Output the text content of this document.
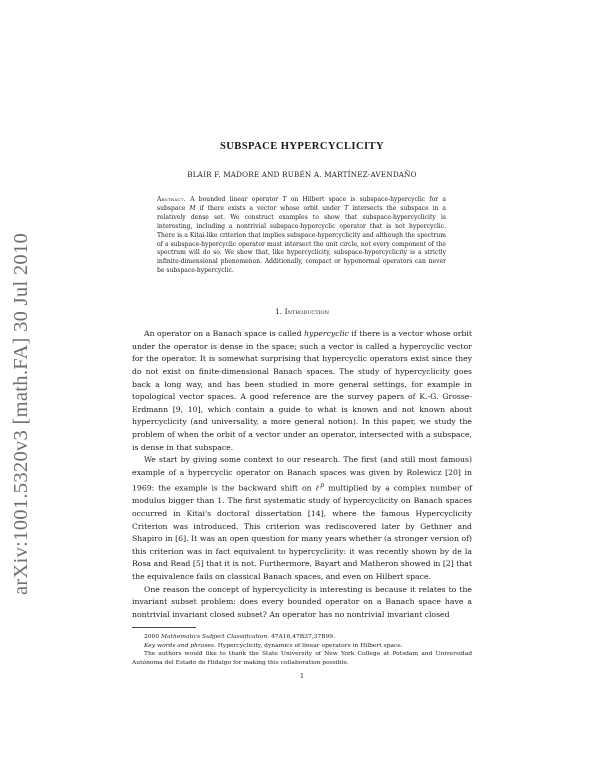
arXiv:1001.5320v3 [math.FA] 30 Jul 2010
SUBSPACE HYPERCYCLICITY
BLAIR F. MADORE AND RUBÉN A. MARTÍNEZ-AVENDAÑO
Abstract. A bounded linear operator T on Hilbert space is subspace-hypercyclic for a subspace M if there exists a vector whose orbit under T intersects the subspace in a relatively dense set. We construct examples to show that subspace-hypercyclicity is interesting, including a nontrivial subspace-hypercyclic operator that is not hypercyclic. There is a Kitai-like criterion that implies subspace-hypercyclicity and although the spectrum of a subspace-hypercyclic operator must intersect the unit circle, not every component of the spectrum will do so. We show that, like hypercyclicity, subspace-hypercyclicity is a strictly infinite-dimensional phenomenon. Additionally, compact or hyponormal operators can never be subspace-hypercyclic.
1. Introduction

An operator on a Banach space is called hypercyclic if there is a vector whose orbit under the operator is dense in the space; such a vector is called a hypercyclic vector for the operator. It is somewhat surprising that hypercyclic operators exist since they do not exist on finite-dimensional Banach spaces. The study of hypercyclicity goes back a long way, and has been studied in more general settings, for example in topological vector spaces. A good reference are the survey papers of K.-G. Grosse-Erdmann [9, 10], which contain a guide to what is known and not known about hypercyclicity (and universality, a more general notion). In this paper, we study the problem of when the orbit of a vector under an operator, intersected with a subspace, is dense in that subspace.

We start by giving some context to our research. The first (and still most famous) example of a hypercyclic operator on Banach spaces was given by Rolewicz [20] in 1969: the example is the backward shift on ℓ$^p$ multiplied by a complex number of modulus bigger than 1. The first systematic study of hypercyclicity on Banach spaces occurred in Kitai's doctoral dissertation [14], where the famous Hypercyclicity Criterion was introduced. This criterion was rediscovered later by Gethner and Shapiro in [6]. It was an open question for many years whether (a stronger version of) this criterion was in fact equivalent to hypercyclicity: it was recently shown by de la Rosa and Read [5] that it is not. Furthermore, Bayart and Matheron showed in [2] that the equivalence fails on classical Banach spaces, and even on Hilbert space.

One reason the concept of hypercyclicity is interesting is because it relates to the invariant subset problem: does every bounded operator on a Banach space have a nontrivial invariant closed subset? An operator has no nontrivial invariant closed

2000 Mathematics Subject Classification. 47A16,47B37,37B99.

Key words and phrases. Hypercyclicity, dynamics of linear operators in Hilbert space.

The authors would like to thank the State University of New York College at Potsdam and Universidad Autónoma del Estado de Hidalgo for making this collaboration possible.

1
